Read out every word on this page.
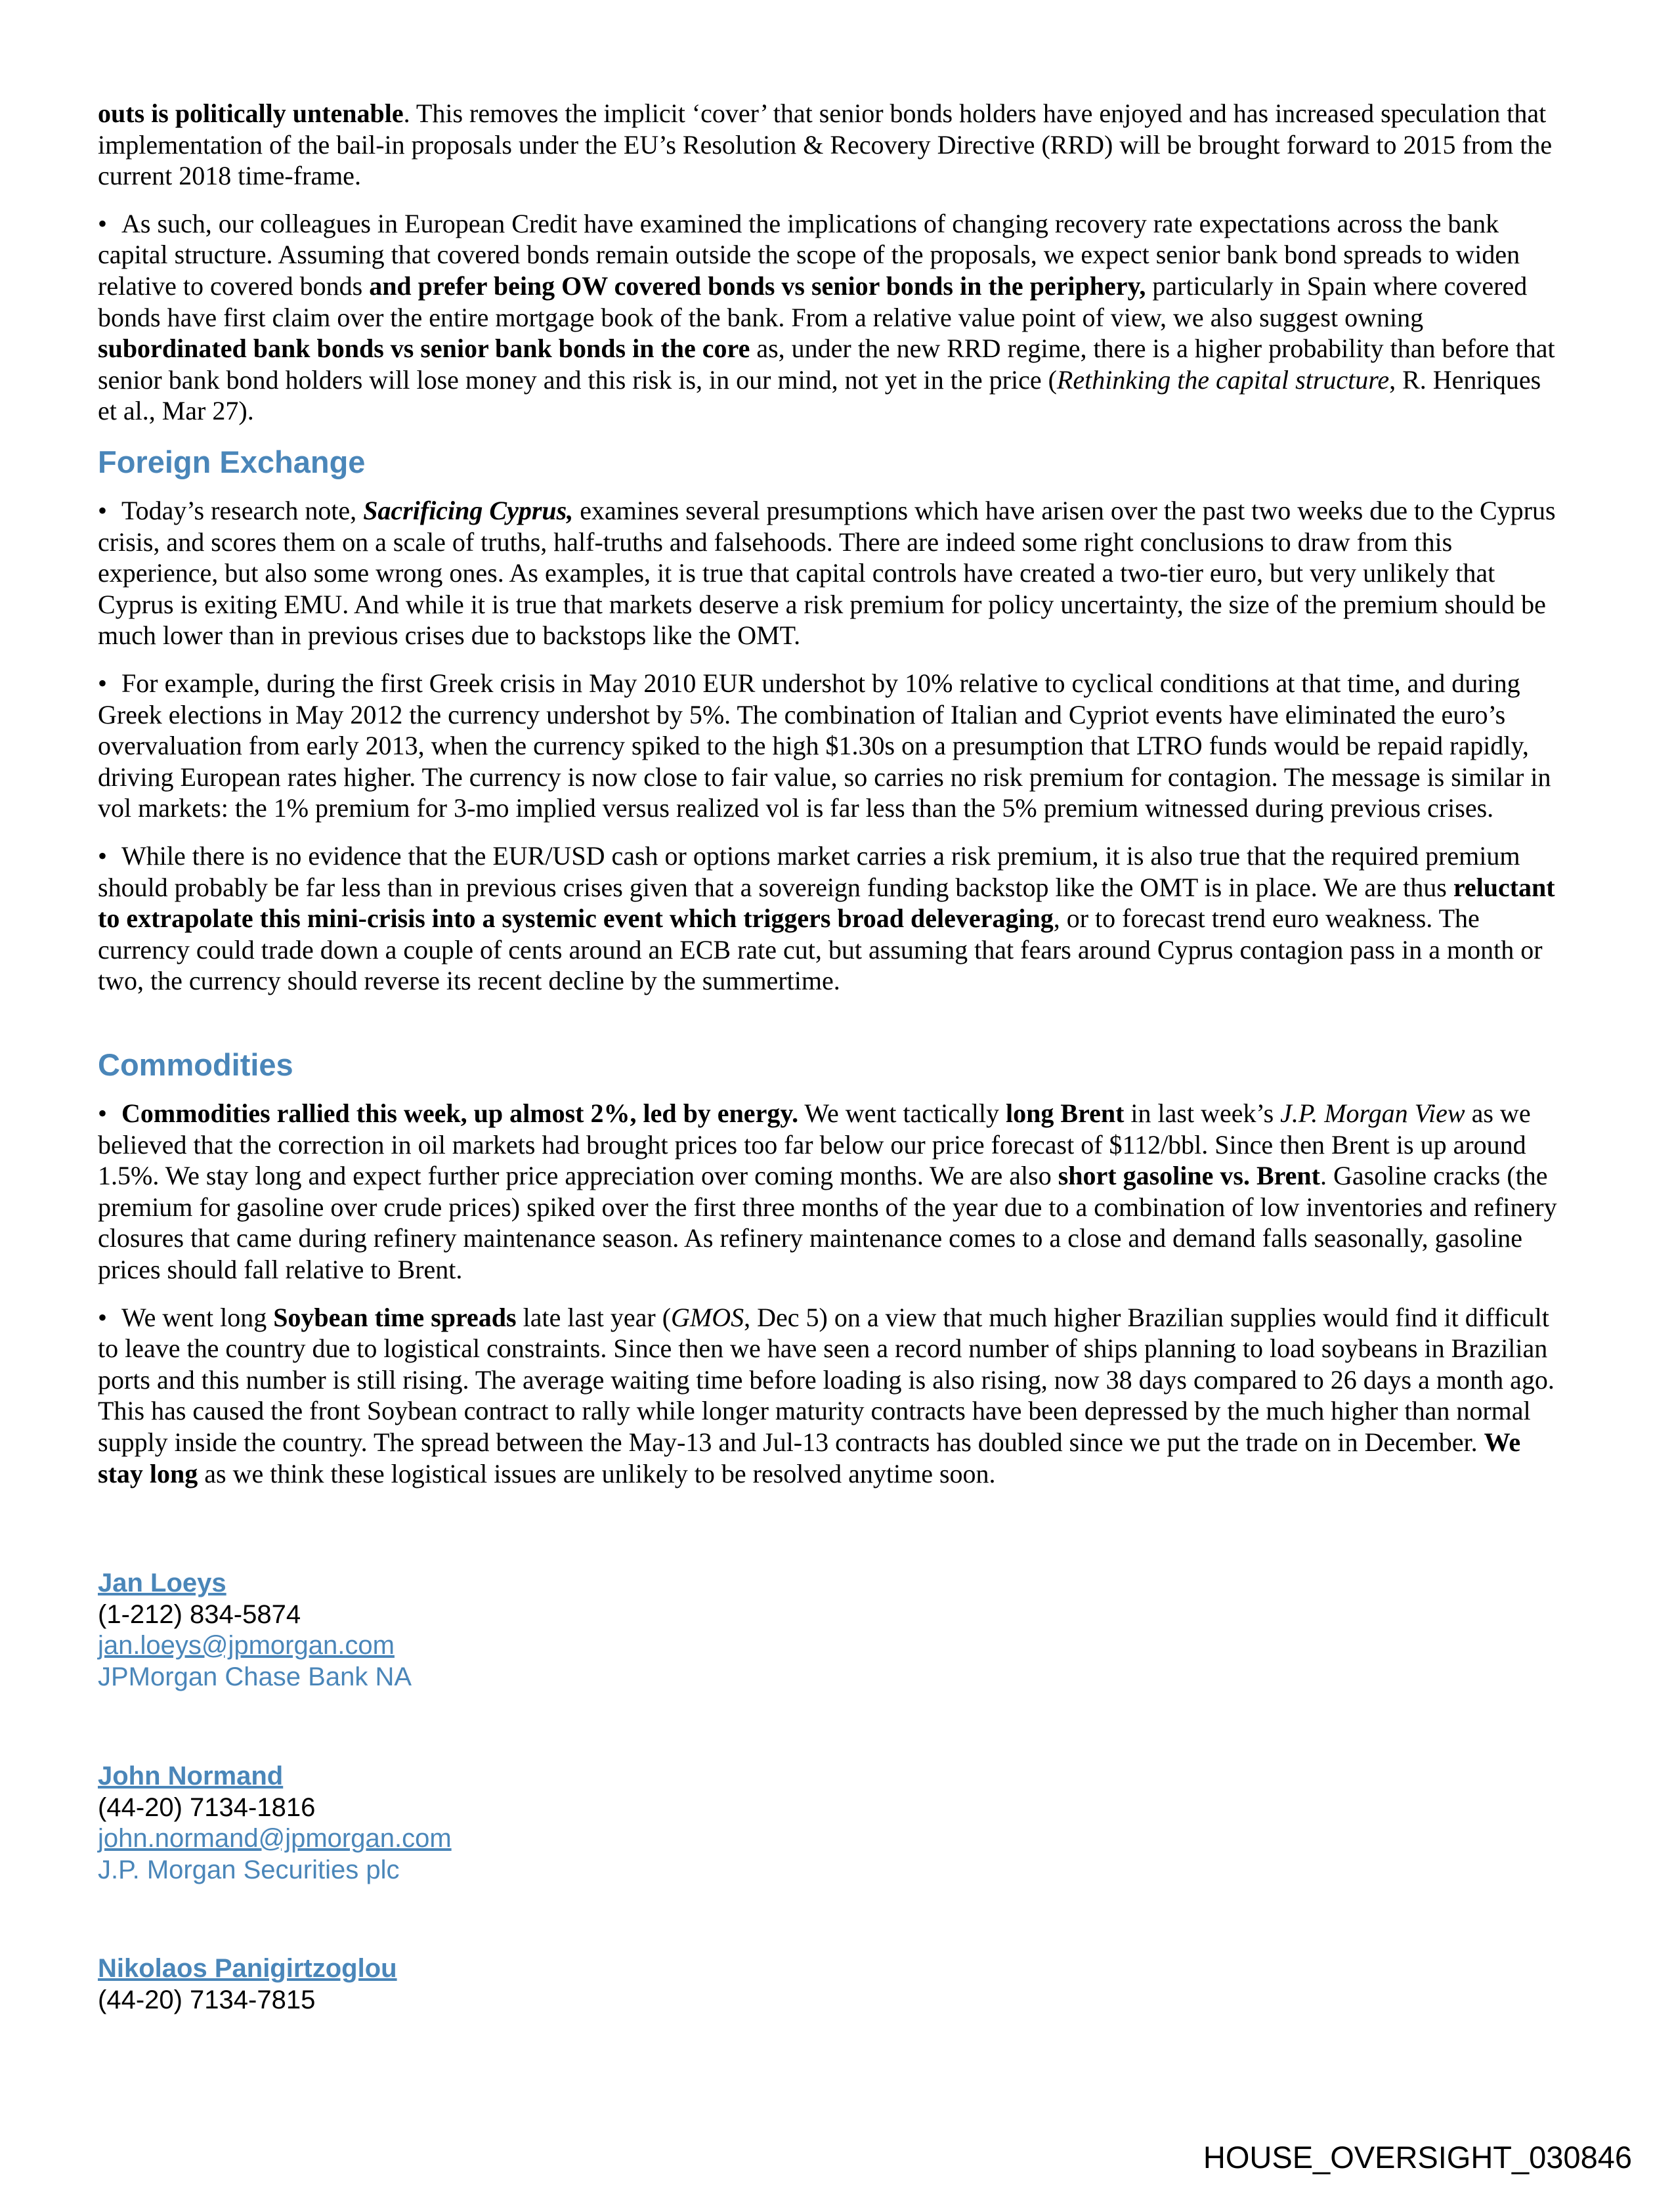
outs is politically untenable. This removes the implicit ‘cover’ that senior bonds holders have enjoyed and has increased speculation that implementation of the bail-in proposals under the EU’s Resolution & Recovery Directive (RRD) will be brought forward to 2015 from the current 2018 time-frame.

• As such, our colleagues in European Credit have examined the implications of changing recovery rate expectations across the bank capital structure. Assuming that covered bonds remain outside the scope of the proposals, we expect senior bank bond spreads to widen relative to covered bonds and prefer being OW covered bonds vs senior bonds in the periphery, particularly in Spain where covered bonds have first claim over the entire mortgage book of the bank. From a relative value point of view, we also suggest owning subordinated bank bonds vs senior bank bonds in the core as, under the new RRD regime, there is a higher probability than before that senior bank bond holders will lose money and this risk is, in our mind, not yet in the price (Rethinking the capital structure, R. Henriques et al., Mar 27).

Foreign Exchange

• Today’s research note, Sacrificing Cyprus, examines several presumptions which have arisen over the past two weeks due to the Cyprus crisis, and scores them on a scale of truths, half-truths and falsehoods. There are indeed some right conclusions to draw from this experience, but also some wrong ones. As examples, it is true that capital controls have created a two-tier euro, but very unlikely that Cyprus is exiting EMU. And while it is true that markets deserve a risk premium for policy uncertainty, the size of the premium should be much lower than in previous crises due to backstops like the OMT.

• For example, during the first Greek crisis in May 2010 EUR undershot by 10% relative to cyclical conditions at that time, and during Greek elections in May 2012 the currency undershot by 5%. The combination of Italian and Cypriot events have eliminated the euro’s overvaluation from early 2013, when the currency spiked to the high $1.30s on a presumption that LTRO funds would be repaid rapidly, driving European rates higher. The currency is now close to fair value, so carries no risk premium for contagion. The message is similar in vol markets: the 1% premium for 3-mo implied versus realized vol is far less than the 5% premium witnessed during previous crises.

• While there is no evidence that the EUR/USD cash or options market carries a risk premium, it is also true that the required premium should probably be far less than in previous crises given that a sovereign funding backstop like the OMT is in place. We are thus reluctant to extrapolate this mini-crisis into a systemic event which triggers broad deleveraging, or to forecast trend euro weakness. The currency could trade down a couple of cents around an ECB rate cut, but assuming that fears around Cyprus contagion pass in a month or two, the currency should reverse its recent decline by the summertime.

Commodities

• Commodities rallied this week, up almost 2%, led by energy. We went tactically long Brent in last week’s J.P. Morgan View as we believed that the correction in oil markets had brought prices too far below our price forecast of $112/bbl. Since then Brent is up around 1.5%. We stay long and expect further price appreciation over coming months. We are also short gasoline vs. Brent. Gasoline cracks (the premium for gasoline over crude prices) spiked over the first three months of the year due to a combination of low inventories and refinery closures that came during refinery maintenance season. As refinery maintenance comes to a close and demand falls seasonally, gasoline prices should fall relative to Brent.

• We went long Soybean time spreads late last year (GMOS, Dec 5) on a view that much higher Brazilian supplies would find it difficult to leave the country due to logistical constraints. Since then we have seen a record number of ships planning to load soybeans in Brazilian ports and this number is still rising. The average waiting time before loading is also rising, now 38 days compared to 26 days a month ago. This has caused the front Soybean contract to rally while longer maturity contracts have been depressed by the much higher than normal supply inside the country. The spread between the May-13 and Jul-13 contracts has doubled since we put the trade on in December. We stay long as we think these logistical issues are unlikely to be resolved anytime soon.

Jan Loeys
(1-212) 834-5874
jan.loeys@jpmorgan.com
JPMorgan Chase Bank NA
John Normand
(44-20) 7134-1816
john.normand@jpmorgan.com
J.P. Morgan Securities plc
Nikolaos Panigirtzoglou
(44-20) 7134-7815
HOUSE_OVERSIGHT_030846
